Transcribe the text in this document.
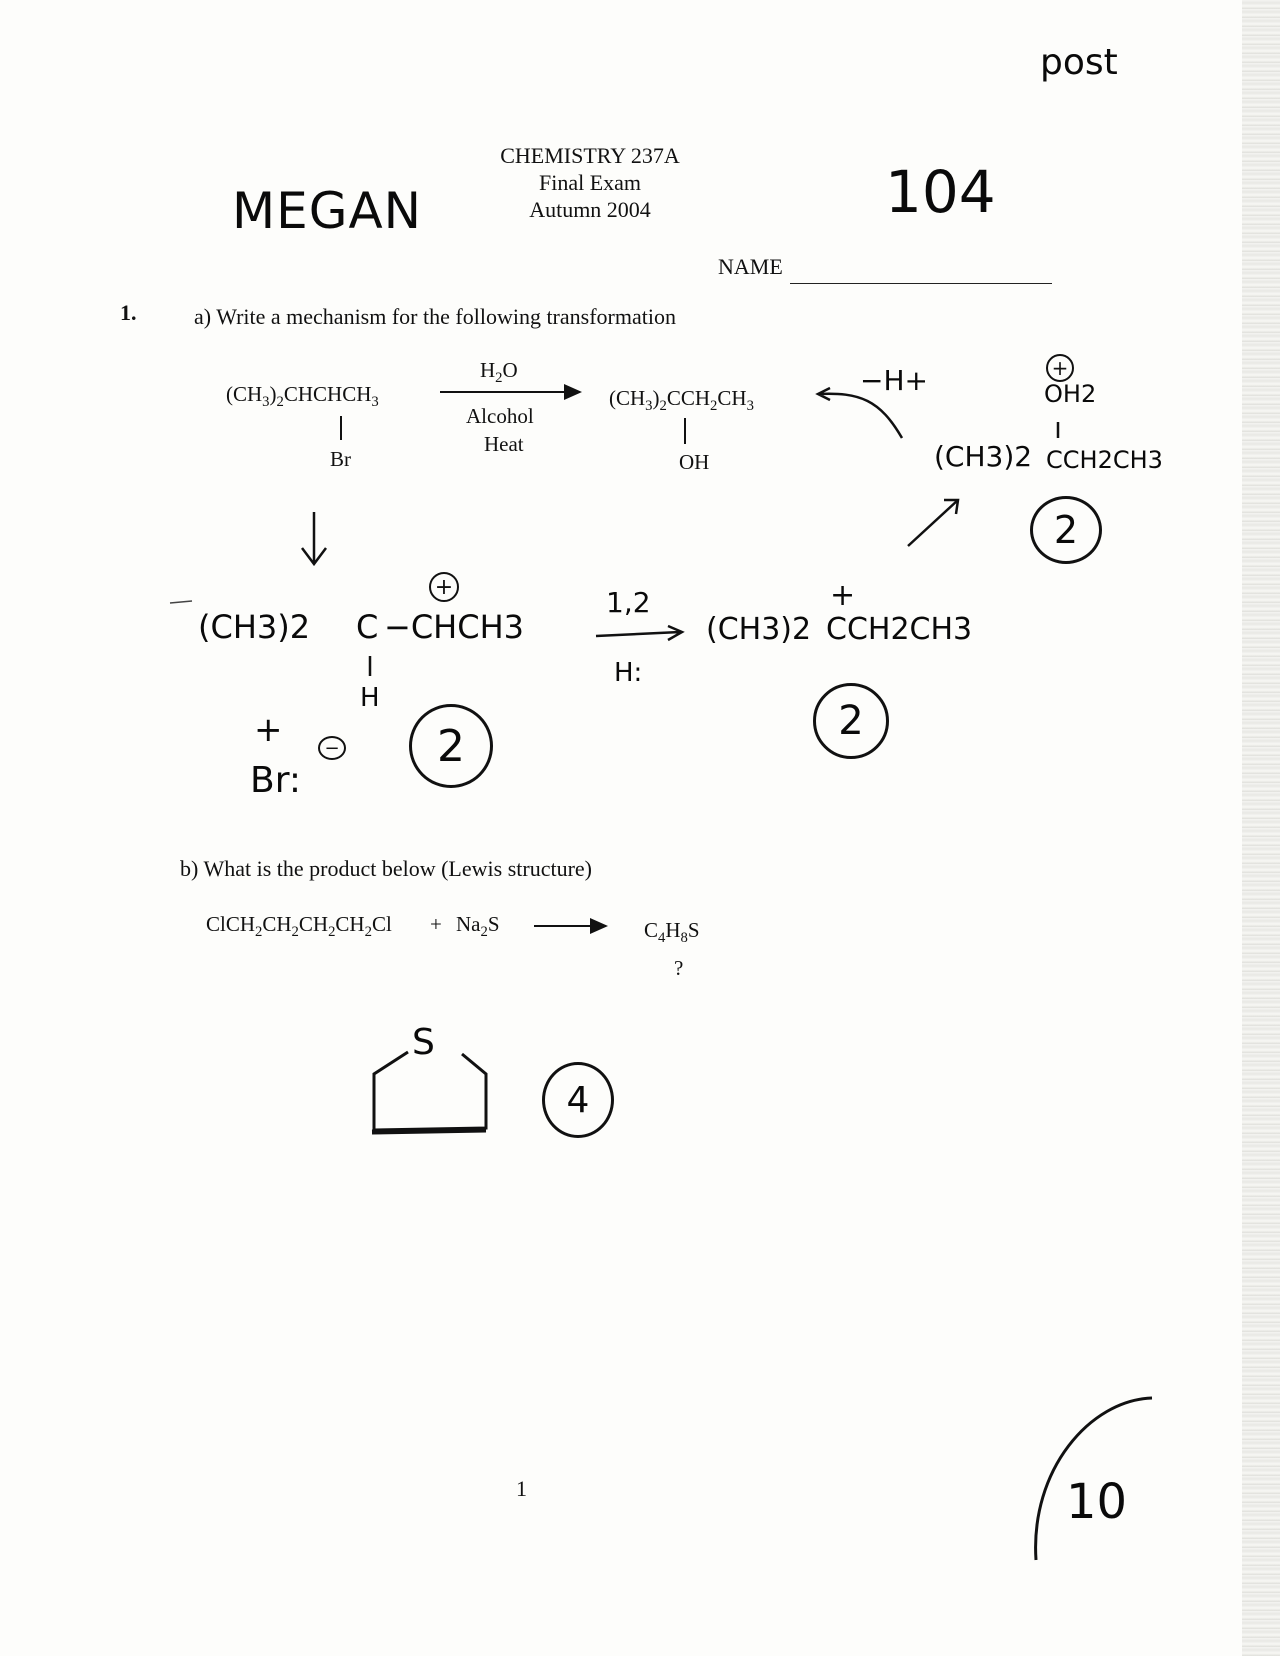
post
MEGAN	104
CHEMISTRY 237A
Final Exam
Autumn 2004
NAME
1.	a) Write a mechanism for the following transformation
$(CH_3)_2CHCHCH_3$
Br
$H_2O$
Alcohol
Heat
$(CH_3)_2CCH_2CH_3$
OH
(CH3)2 C −CHCH3
H
+
+
Br:
−	2
1,2
H:
(CH3)2 CCH2CH3
+
2
+
OH2
(CH3)2 CCH2CH3
−H+
2
b) What is the product below (Lewis structure)
$ClCH_2CH_2CH_2CH_2Cl + Na_2S$	$C_4H_8S$
?
S
4
1	10
